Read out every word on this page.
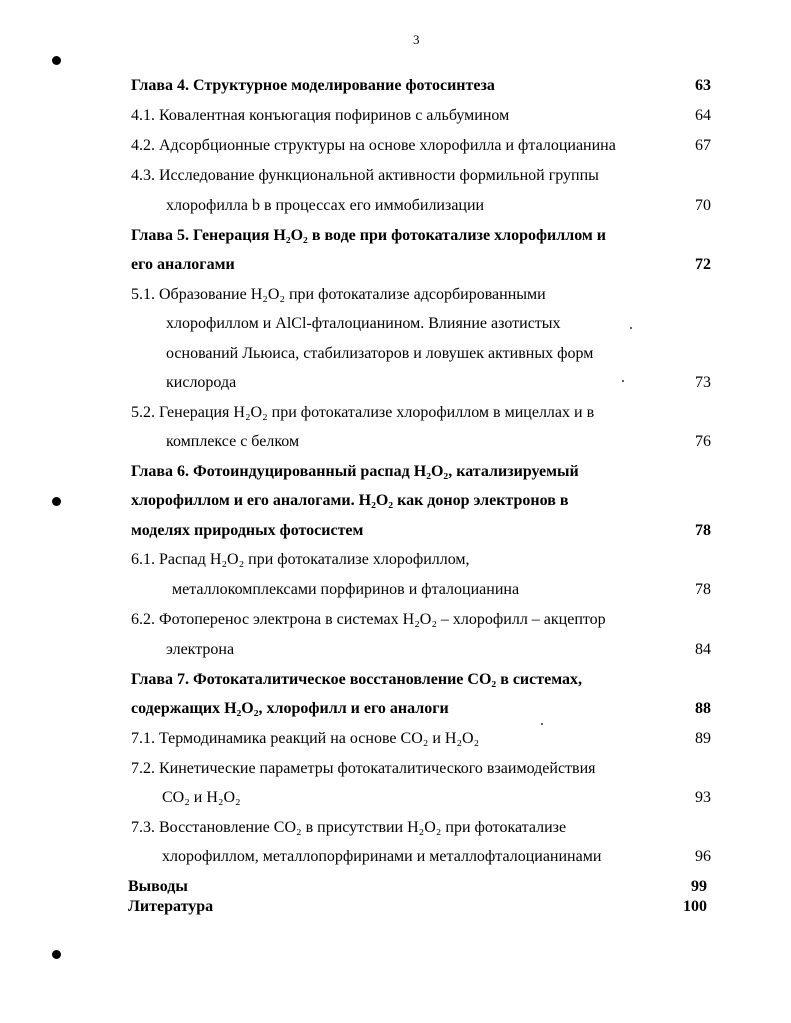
3
Глава 4. Структурное моделирование фотосинтеза	63
4.1. Ковалентная конъюгация пофиринов с альбумином	64
4.2. Адсорбционные структуры на основе хлорофилла и фталоцианина	67
4.3. Исследование функциональной активности формильной группы
хлорофилла b в процессах его иммобилизации	70
Глава 5. Генерация H₂O₂ в воде при фотокатализе хлорофиллом и
его аналогами	72
5.1. Образование H₂O₂ при фотокатализе адсорбированными
хлорофиллом и AlCl-фталоцианином. Влияние азотистых
оснований Льюиса, стабилизаторов и ловушек активных форм
кислорода	73
5.2. Генерация H₂O₂ при фотокатализе хлорофиллом в мицеллах и в
комплексе с белком	76
Глава 6. Фотоиндуцированный распад H₂O₂, катализируемый
хлорофиллом и его аналогами. H₂O₂ как донор электронов в
моделях природных фотосистем	78
6.1. Распад H₂O₂ при фотокатализе хлорофиллом,
металлокомплексами порфиринов и фталоцианина	78
6.2. Фотоперенос электрона в системах H₂O₂ – хлорофилл – акцептор
электрона	84
Глава 7. Фотокаталитическое восстановление CO₂ в системах,
содержащих H₂O₂, хлорофилл и его аналоги	88
7.1. Термодинамика реакций на основе CO₂ и H₂O₂	89
7.2. Кинетические параметры фотокаталитического взаимодействия
CO₂ и H₂O₂	93
7.3. Восстановление CO₂ в присутствии H₂O₂ при фотокатализе
хлорофиллом, металлопорфиринами и металлофталоцианинами	96
Выводы	99
Литература	100
